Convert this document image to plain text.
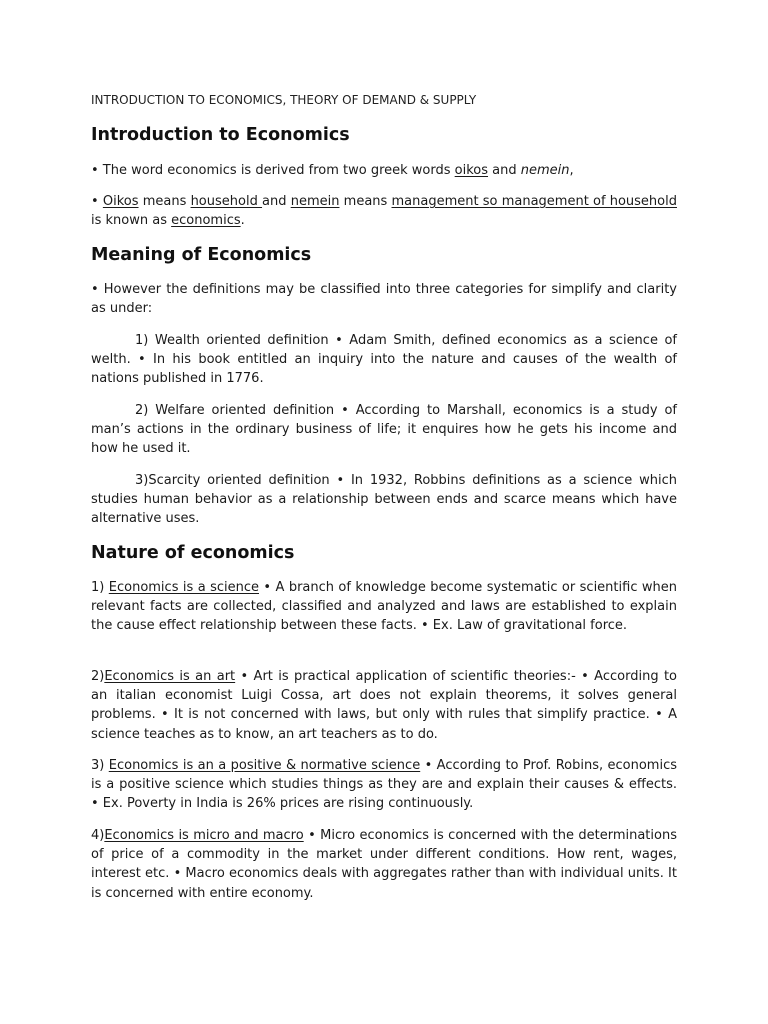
INTRODUCTION TO ECONOMICS, THEORY OF DEMAND & SUPPLY
Introduction to Economics

• The word economics is derived from two greek words oikos and nemein,

• Oikos means household and nemein means management so management of household is known as economics.

Meaning of Economics

• However the definitions may be classified into three categories for simplify and clarity as under:

1) Wealth oriented definition • Adam Smith, defined economics as a science of welth. • In his book entitled an inquiry into the nature and causes of the wealth of nations published in 1776.

2) Welfare oriented definition • According to Marshall, economics is a study of man’s actions in the ordinary business of life; it enquires how he gets his income and how he used it.

3)Scarcity oriented definition • In 1932, Robbins definitions as a science which studies human behavior as a relationship between ends and scarce means which have alternative uses.

Nature of economics

1) Economics is a science • A branch of knowledge become systematic or scientific when relevant facts are collected, classified and analyzed and laws are established to explain the cause effect relationship between these facts. • Ex. Law of gravitational force.

2)Economics is an art • Art is practical application of scientific theories:- • According to an italian economist Luigi Cossa, art does not explain theorems, it solves general problems. • It is not concerned with laws, but only with rules that simplify practice. • A science teaches as to know, an art teachers as to do.

3) Economics is an a positive & normative science • According to Prof. Robins, economics is a positive science which studies things as they are and explain their causes & effects. • Ex. Poverty in India is 26% prices are rising continuously.

4)Economics is micro and macro • Micro economics is concerned with the determinations of price of a commodity in the market under different conditions. How rent, wages, interest etc. • Macro economics deals with aggregates rather than with individual units. It is concerned with entire economy.
